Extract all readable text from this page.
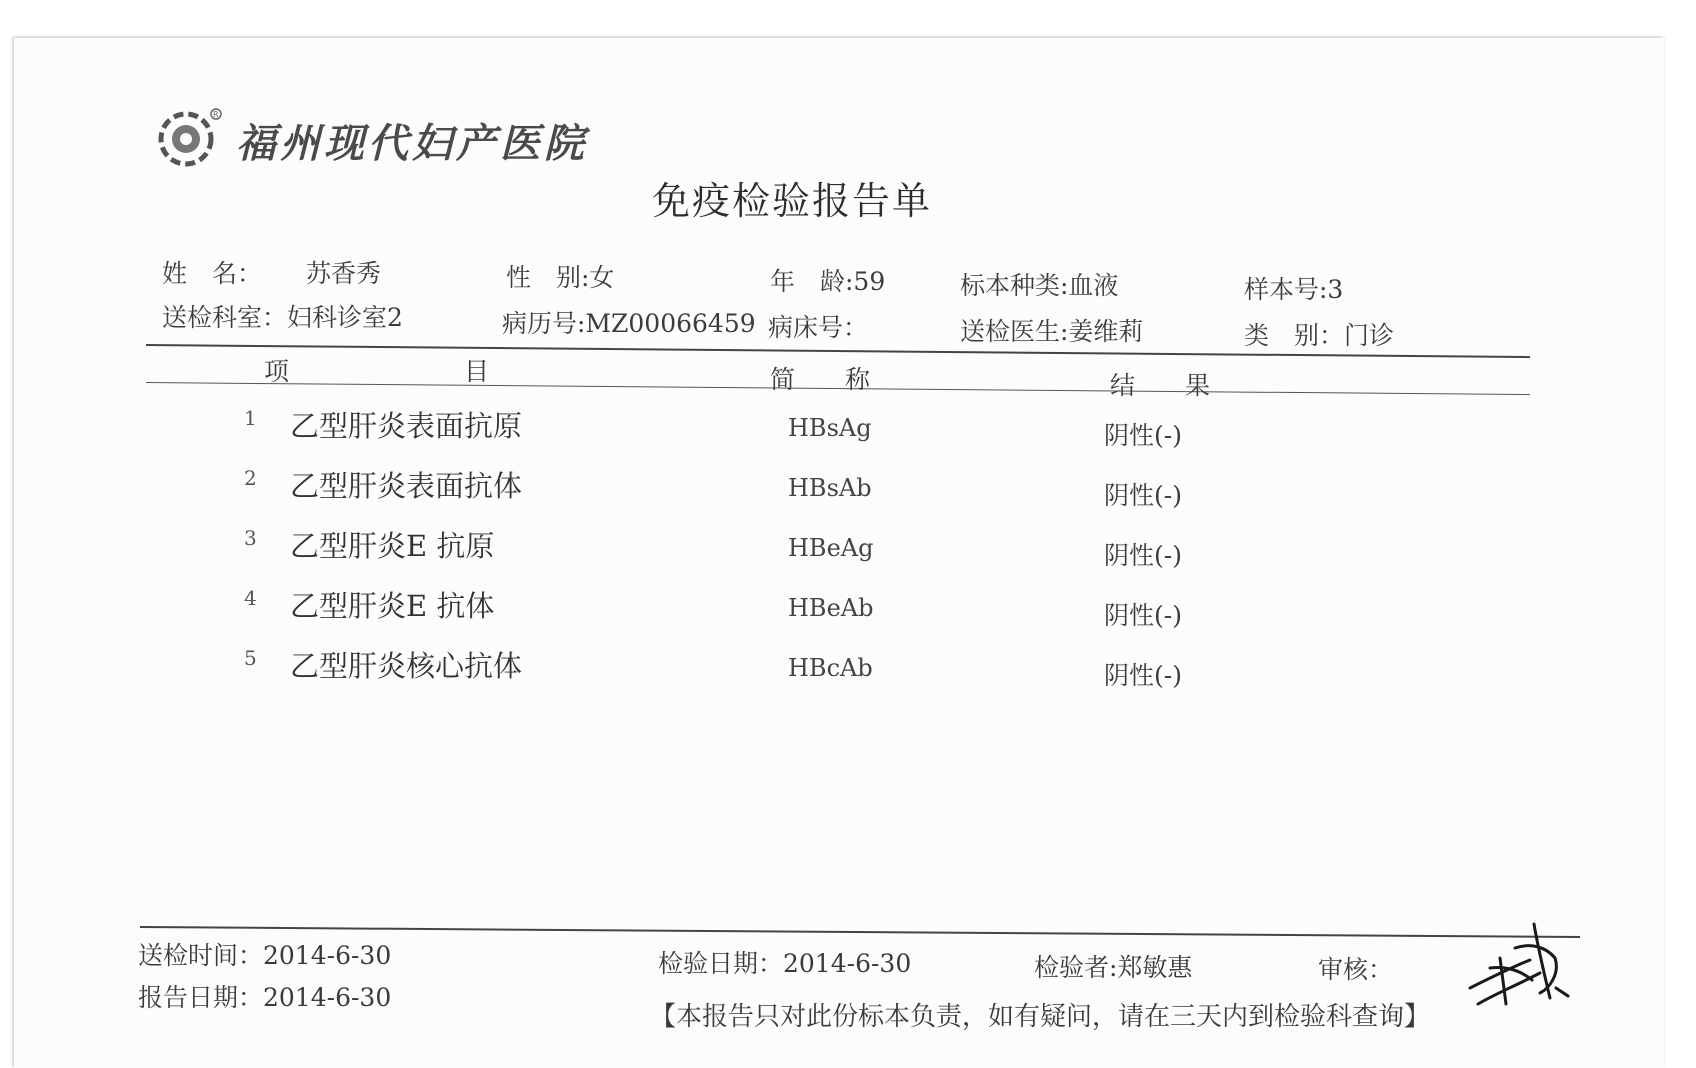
R
福州现代妇产医院
免疫检验报告单
姓　名： 苏香秀	性　别:女	年　龄:59	标本种类:血液	样本号:3
送检科室：妇科诊室2	病历号:MZ00066459 病床号：	送检医生:姜维莉	类　别：门诊
项　　　　　　　目	简　　称	结　　果
1 乙型肝炎表面抗原	HBsAg	阴性(-)
2 乙型肝炎表面抗体	HBsAb	阴性(-)
3 乙型肝炎E 抗原	HBeAg	阴性(-)
4 乙型肝炎E 抗体	HBeAb	阴性(-)
5 乙型肝炎核心抗体	HBcAb	阴性(-)
送检时间：2014-6-30
报告日期：2014-6-30
检验日期：2014-6-30	检验者:郑敏惠	审核：
【本报告只对此份标本负责，如有疑问，请在三天内到检验科查询】
